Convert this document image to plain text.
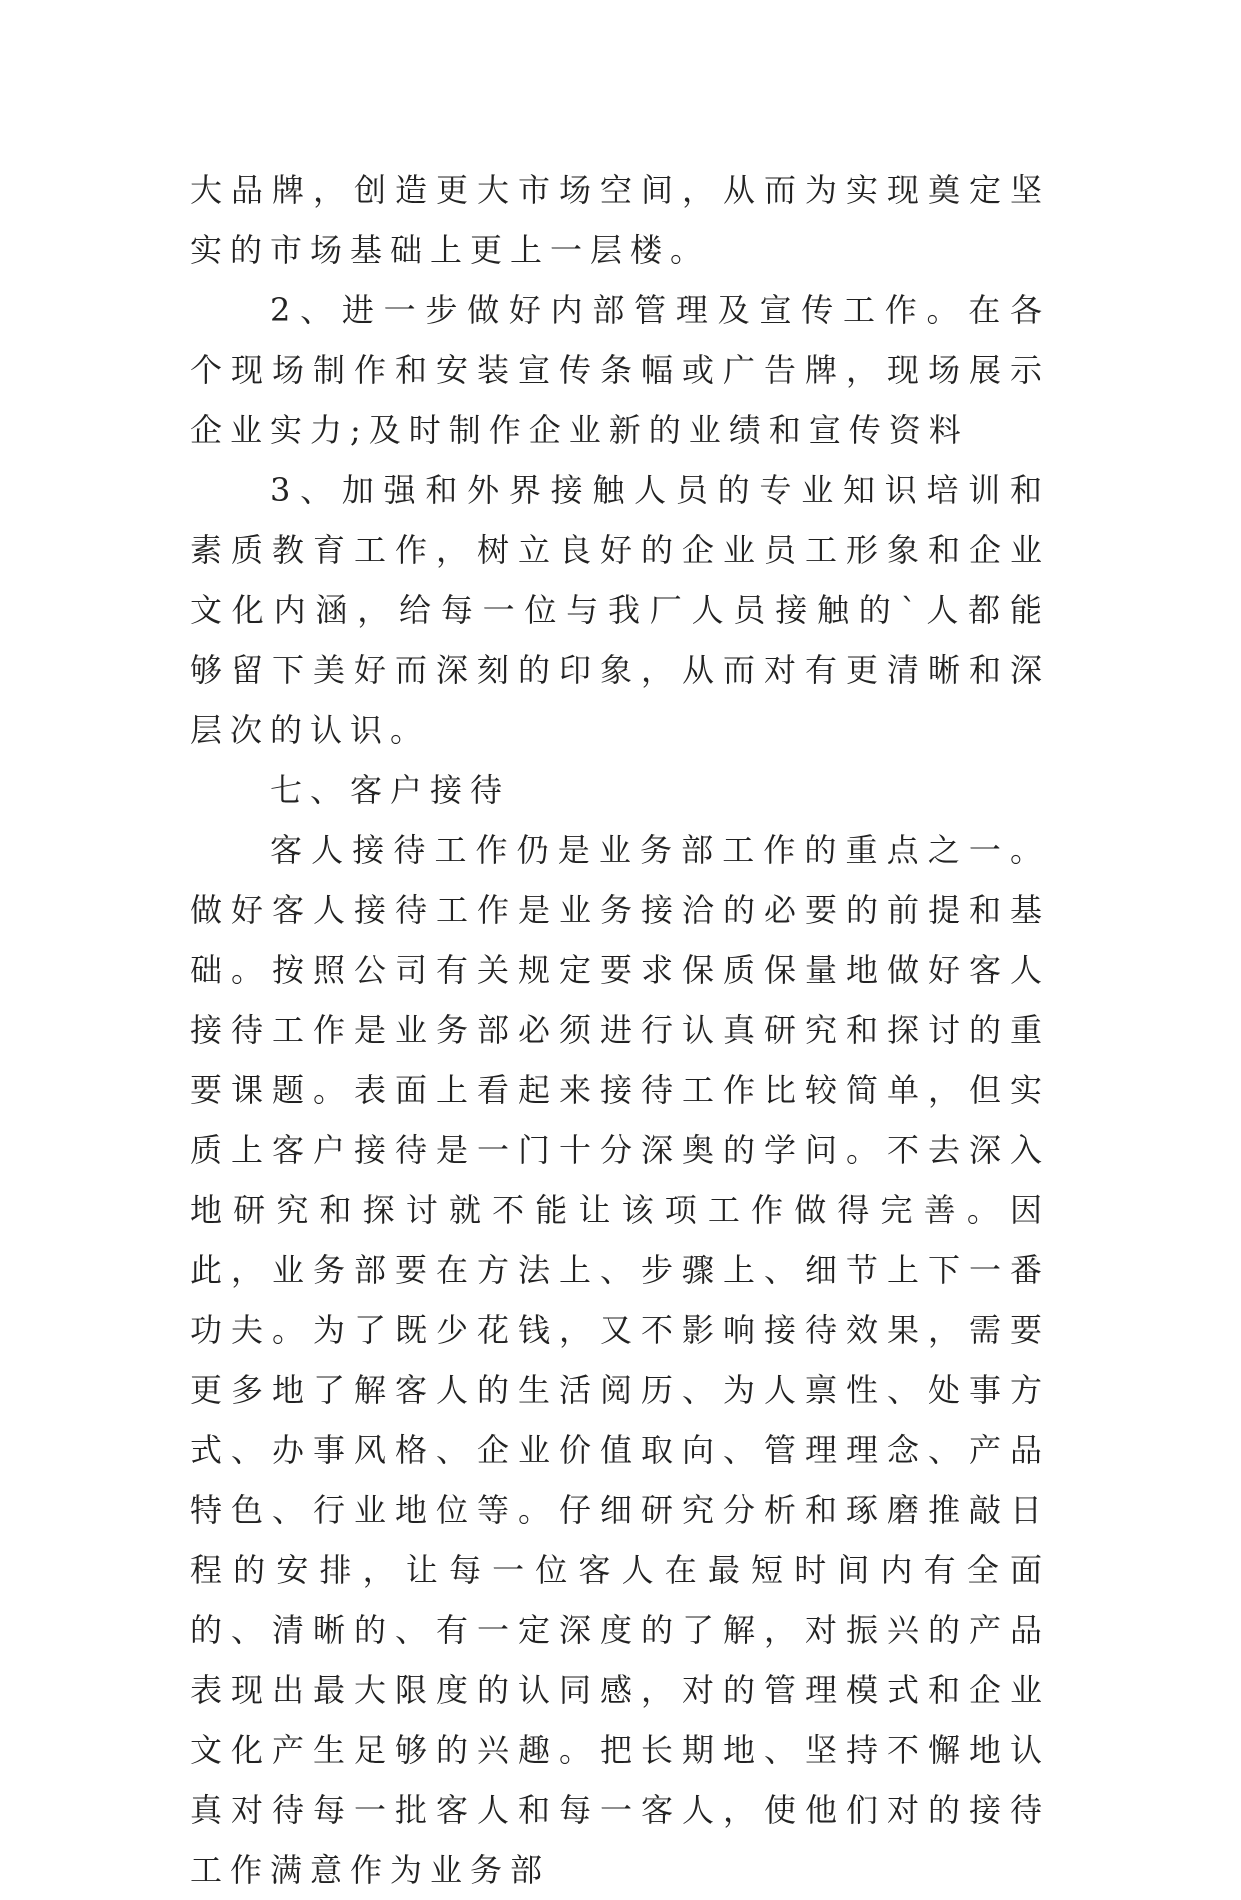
大品牌，创造更大市场空间，从而为实现奠定坚实的市场基础上更上一层楼。

2、进一步做好内部管理及宣传工作。在各个现场制作和安装宣传条幅或广告牌，现场展示企业实力;及时制作企业新的业绩和宣传资料

3、加强和外界接触人员的专业知识培训和素质教育工作，树立良好的企业员工形象和企业文化内涵，给每一位与我厂人员接触的`人都能够留下美好而深刻的印象，从而对有更清晰和深层次的认识。

七、客户接待

客人接待工作仍是业务部工作的重点之一。做好客人接待工作是业务接洽的必要的前提和基础。按照公司有关规定要求保质保量地做好客人接待工作是业务部必须进行认真研究和探讨的重要课题。表面上看起来接待工作比较简单，但实质上客户接待是一门十分深奥的学问。不去深入地研究和探讨就不能让该项工作做得完善。因此，业务部要在方法上、步骤上、细节上下一番功夫。为了既少花钱，又不影响接待效果，需要更多地了解客人的生活阅历、为人禀性、处事方式、办事风格、企业价值取向、管理理念、产品特色、行业地位等。仔细研究分析和琢磨推敲日程的安排，让每一位客人在最短时间内有全面的、清晰的、有一定深度的了解，对振兴的产品表现出最大限度的认同感，对的管理模式和企业文化产生足够的兴趣。把长期地、坚持不懈地认真对待每一批客人和每一客人，使他们对的接待工作满意作为业务部
